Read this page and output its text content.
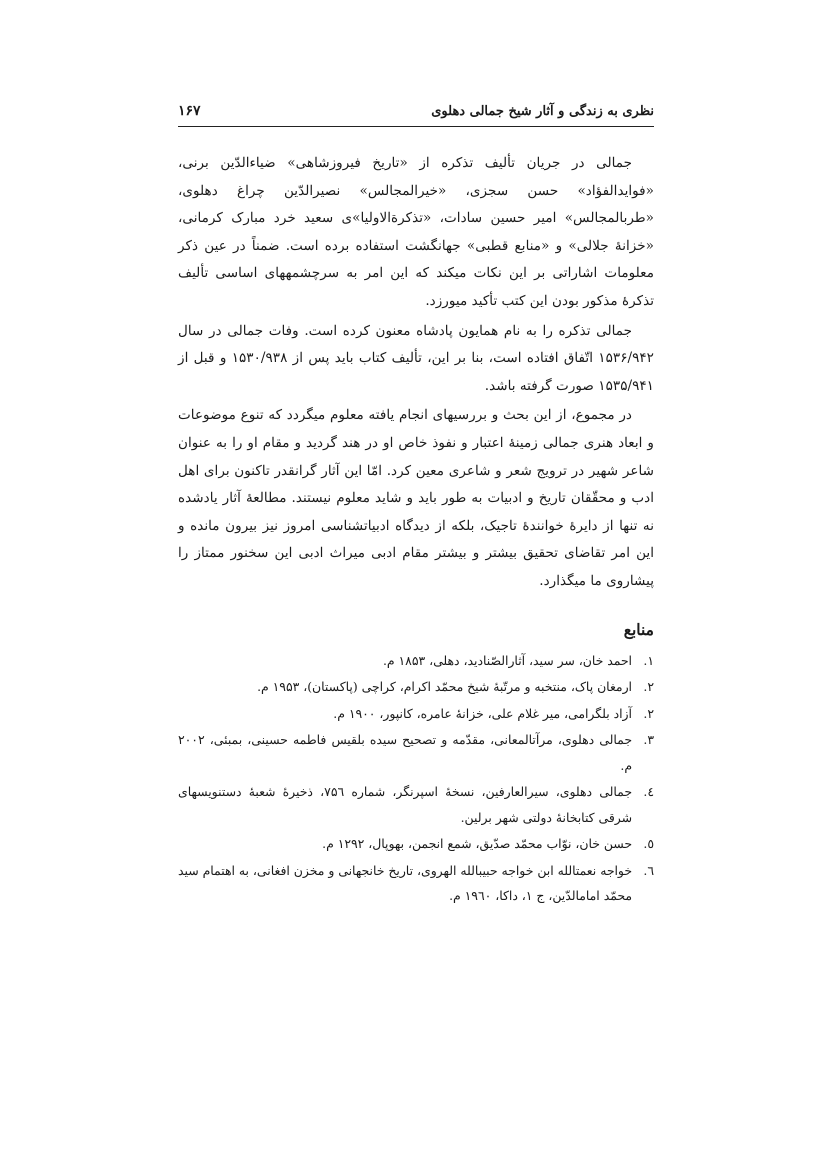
نظری به زندگی و آثار شیخ جمالی دهلوی
۱۶۷

جمالی در جریان تألیف تذکره از «تاریخ فیروزشاهی» ضیاءالدّین برنی، «فوایدالفؤاد» حسن سجزی، «خیرالمجالس» نصیرالدّین چراغ دهلوی، «طربالمجالس» امیر حسین سادات، «تذکرةالاولیا»ی سعید خرد مبارک کرمانی، «خزانهٔ جلالی» و «منابع قطبی» جهانگشت استفاده برده است. ضمناً در عین ذکر معلومات اشاراتی بر این نکات میکند که این امر به سرچشمههای اساسی تألیف تذکرهٔ مذکور بودن این کتب تأکید میورزد.

جمالی تذکره را به نام همایون پادشاه معنون کرده است. وفات جمالی در سال ۱۵۳۶/۹۴۲ اتّفاق افتاده است، بنا بر این، تألیف کتاب باید پس از ۱۵۳۰/۹۳۸ و قبل از ۱۵۳۵/۹۴۱ صورت گرفته باشد.

در مجموع، از این بحث و بررسیهای انجام یافته معلوم میگردد که تنوع موضوعات و ابعاد هنری جمالی زمینهٔ اعتبار و نفوذ خاص او در هند گردید و مقام او را به عنوان شاعر شهیر در ترویج شعر و شاعری معین کرد. امّا این آثار گرانقدر تاکنون برای اهل ادب و محقّقان تاریخ و ادبیات به طور باید و شاید معلوم نیستند. مطالعهٔ آثار یادشده نه تنها از دایرهٔ خوانندهٔ تاجیک، بلکه از دیدگاه ادبیاتشناسی امروز نیز بیرون مانده و این امر تقاضای تحقیق بیشتر و بیشتر مقام ادبی میراث ادبی این سخنور ممتاز را پیشاروی ما میگذارد.

منابع
۱.
احمد خان، سر سید، آثارالصّنادید، دهلی، ۱۸۵۳ م.
۲.
ارمغان پاک، منتخبه و مرتّبهٔ شیخ محمّد اکرام، کراچی (پاکستان)، ۱۹۵۳ م.
۲.
آزاد بلگرامی، میر غلام علی، خزانهٔ عامره، کانپور، ۱۹۰۰ م.
۳.
جمالی دهلوی، مرآتالمعانی، مقدّمه و تصحیح سیده بلقیس فاطمه حسینی، بمبئی، ۲۰۰۲ م.
٤.
جمالی دهلوی، سیرالعارفین، نسخهٔ اسپرنگر، شماره ۷۵٦، ذخیرهٔ شعبهٔ دستنویسهای شرقی کتابخانهٔ دولتی شهر برلین.
٥.
حسن خان، نوّاب محمّد صدّیق، شمع انجمن، بهوپال، ۱۲۹۲ م.
٦.
خواجه نعمتالله ابن خواجه حبیبالله الهروی، تاریخ خانجهانی و مخزن افغانی، به اهتمام سید محمّد امامالدّین، ج ۱، داکا، ۱۹٦۰ م.
